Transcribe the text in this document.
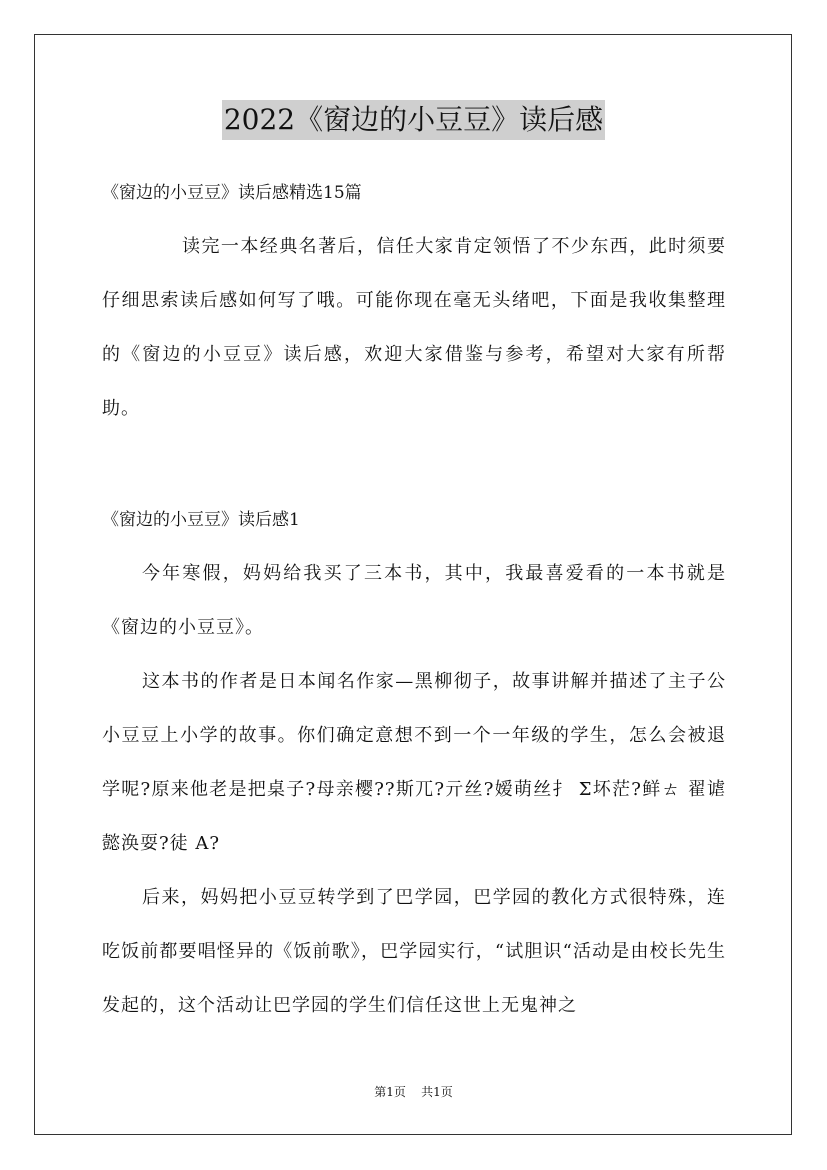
2022《窗边的小豆豆》读后感
《窗边的小豆豆》读后感精选15篇
读完一本经典名著后，信任大家肯定领悟了不少东西，此时须要仔细思索读后感如何写了哦。可能你现在毫无头绪吧，下面是我收集整理的《窗边的小豆豆》读后感，欢迎大家借鉴与参考，希望对大家有所帮助。
《窗边的小豆豆》读后感1
今年寒假，妈妈给我买了三本书，其中，我最喜爱看的一本书就是《窗边的小豆豆》。
这本书的作者是日本闻名作家—黑柳彻子，故事讲解并描述了主子公小豆豆上小学的故事。你们确定意想不到一个一年级的学生，怎么会被退学呢?原来他老是把桌子?母亲樱??斯兀?亓丝?嫒萌丝扌 Σ坏茫?鲜ㄊ 翟谑懿涣耍?徒 A?
后来，妈妈把小豆豆转学到了巴学园，巴学园的教化方式很特殊，连吃饭前都要唱怪异的《饭前歌》，巴学园实行，“试胆识“活动是由校长先生发起的，这个活动让巴学园的学生们信任这世上无鬼神之
第1页 共1页
